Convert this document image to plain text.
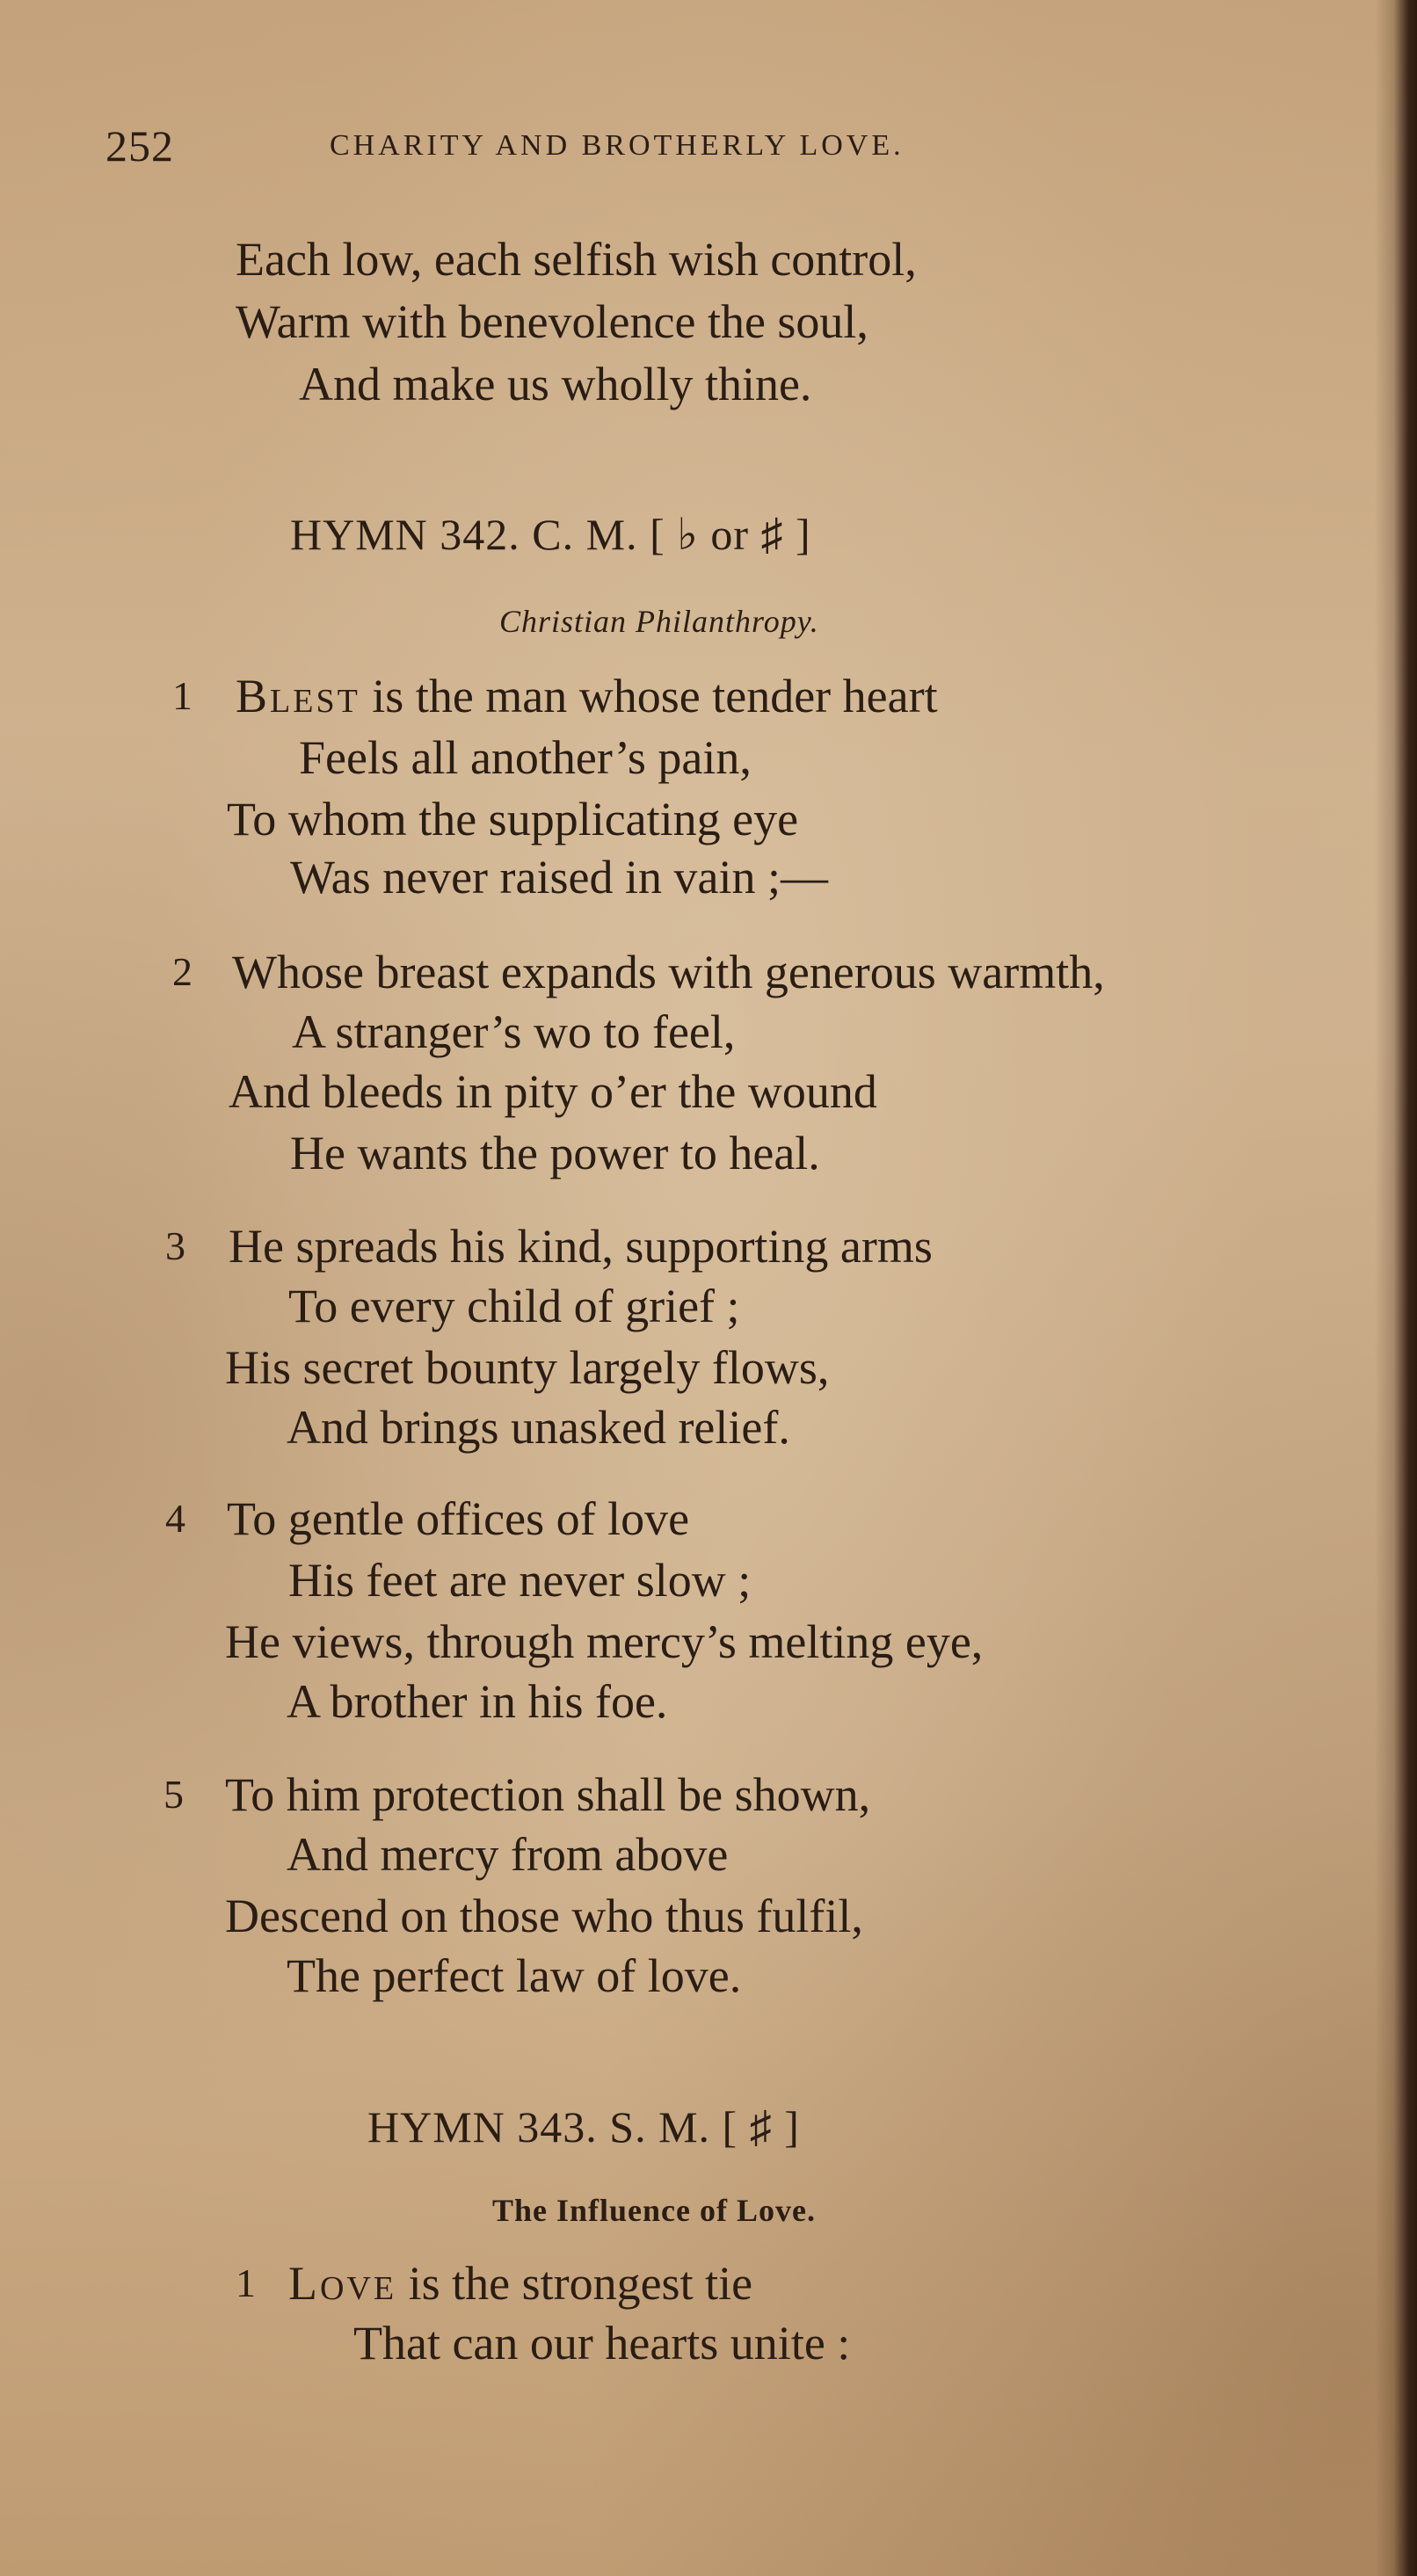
252	CHARITY AND BROTHERLY LOVE.
Each low, each selfish wish control,
Warm with benevolence the soul,
And make us wholly thine.
HYMN 342. C. M. [ ♭ or ♯ ]
Christian Philanthropy.
1 Blest is the man whose tender heart
Feels all another’s pain,
To whom the supplicating eye
Was never raised in vain ;—
2 Whose breast expands with generous warmth,
A stranger’s wo to feel,
And bleeds in pity o’er the wound
He wants the power to heal.
3 He spreads his kind, supporting arms
To every child of grief ;
His secret bounty largely flows,
And brings unasked relief.
4 To gentle offices of love
His feet are never slow ;
He views, through mercy’s melting eye,
A brother in his foe.
5 To him protection shall be shown,
And mercy from above
Descend on those who thus fulfil,
The perfect law of love.
HYMN 343. S. M. [ ♯ ]
The Influence of Love.
1 Love is the strongest tie
That can our hearts unite :
